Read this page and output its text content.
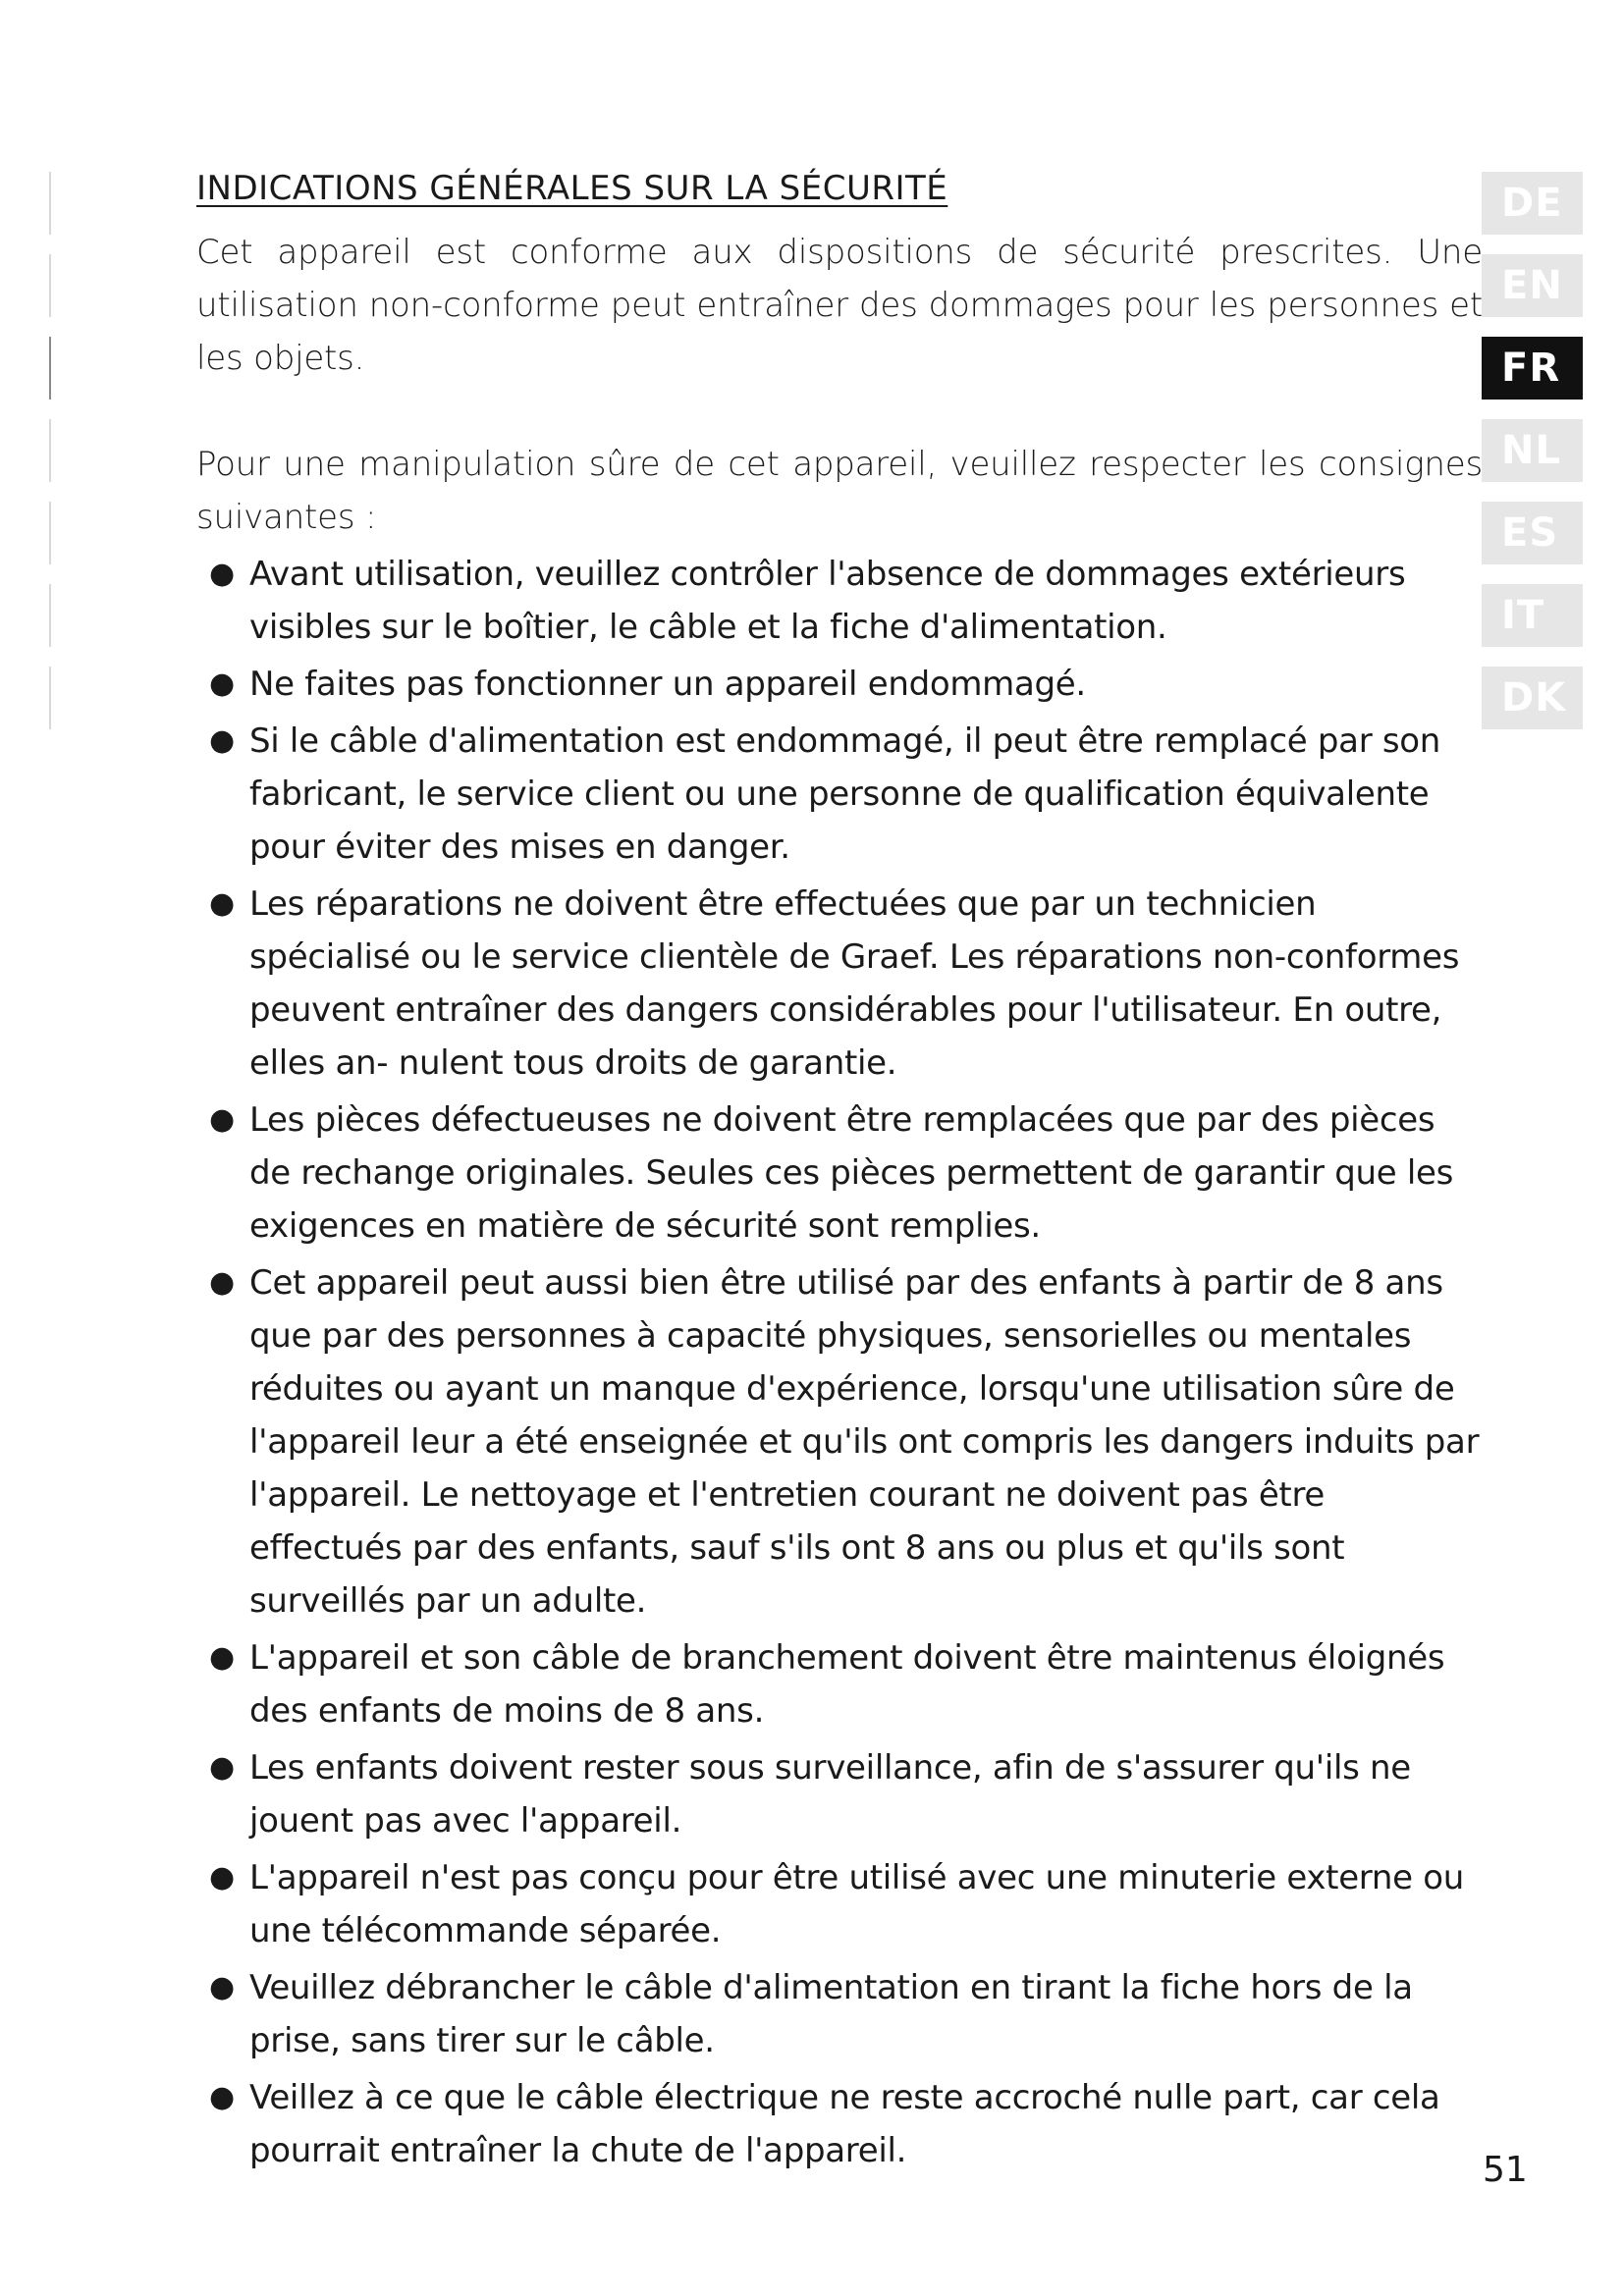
DE
EN
FR
NL
ES
IT
DK
INDICATIONS GÉNÉRALES SUR LA SÉCURITÉ

Cet appareil est conforme aux dispositions de sécurité prescrites. Une utilisation non-conforme peut entraîner des dommages pour les personnes et les objets.

Pour une manipulation sûre de cet appareil, veuillez respecter les consignes suivantes :

● Avant utilisation, veuillez contrôler l'absence de dommages extérieurs visibles sur le boîtier, le câble et la fiche d'alimentation.
● Ne faites pas fonctionner un appareil endommagé.
● Si le câble d'alimentation est endommagé, il peut être remplacé par son fabricant, le service client ou une personne de qualification équivalente pour éviter des mises en danger.
● Les réparations ne doivent être effectuées que par un technicien spécialisé ou le service clientèle de Graef. Les réparations non-conformes peuvent entraîner des dangers considérables pour l'utilisateur. En outre, elles an- nulent tous droits de garantie.
● Les pièces défectueuses ne doivent être remplacées que par des pièces de rechange originales. Seules ces pièces permettent de garantir que les exigences en matière de sécurité sont remplies.
● Cet appareil peut aussi bien être utilisé par des enfants à partir de 8 ans que par des personnes à capacité physiques, sensorielles ou mentales réduites ou ayant un manque d'expérience, lorsqu'une utilisation sûre de l'appareil leur a été enseignée et qu'ils ont compris les dangers induits par l'appareil. Le nettoyage et l'entretien courant ne doivent pas être effectués par des enfants, sauf s'ils ont 8 ans ou plus et qu'ils sont surveillés par un adulte.
● L'appareil et son câble de branchement doivent être maintenus éloignés des enfants de moins de 8 ans.
● Les enfants doivent rester sous surveillance, afin de s'assurer qu'ils ne jouent pas avec l'appareil.
● L'appareil n'est pas conçu pour être utilisé avec une minuterie externe ou une télécommande séparée.
● Veuillez débrancher le câble d'alimentation en tirant la fiche hors de la prise, sans tirer sur le câble.
● Veillez à ce que le câble électrique ne reste accroché nulle part, car cela pourrait entraîner la chute de l'appareil.	51
